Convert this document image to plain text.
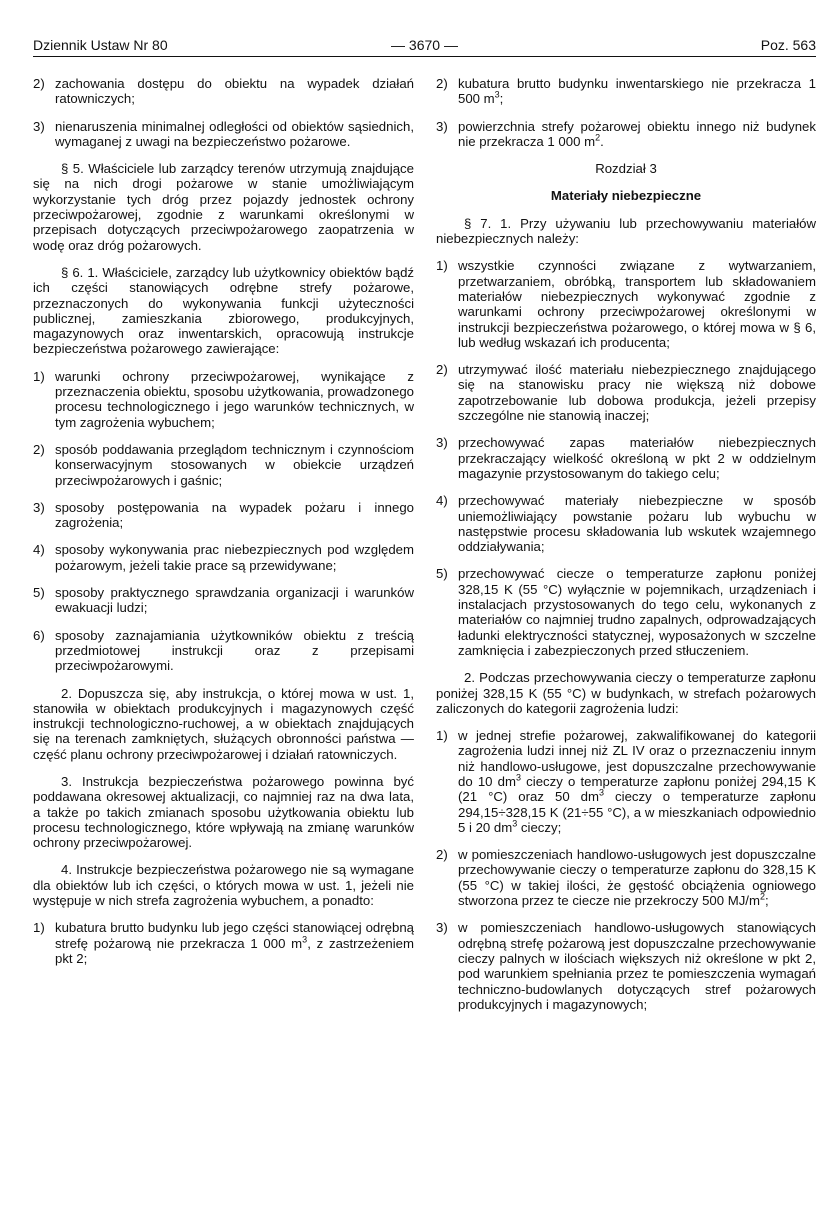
Dziennik Ustaw Nr 80	— 3670 —	Poz. 563
2) zachowania dostępu do obiektu na wypadek działań ratowniczych;
3) nienaruszenia minimalnej odległości od obiektów sąsiednich, wymaganej z uwagi na bezpieczeństwo pożarowe.

§ 5. Właściciele lub zarządcy terenów utrzymują znajdujące się na nich drogi pożarowe w stanie umożliwiającym wykorzystanie tych dróg przez pojazdy jednostek ochrony przeciwpożarowej, zgodnie z warunkami określonymi w przepisach dotyczących przeciwpożarowego zaopatrzenia w wodę oraz dróg pożarowych.

§ 6. 1. Właściciele, zarządcy lub użytkownicy obiektów bądź ich części stanowiących odrębne strefy pożarowe, przeznaczonych do wykonywania funkcji użyteczności publicznej, zamieszkania zbiorowego, produkcyjnych, magazynowych oraz inwentarskich, opracowują instrukcje bezpieczeństwa pożarowego zawierające:

1) warunki ochrony przeciwpożarowej, wynikające z przeznaczenia obiektu, sposobu użytkowania, prowadzonego procesu technologicznego i jego warunków technicznych, w tym zagrożenia wybuchem;
2) sposób poddawania przeglądom technicznym i czynnościom konserwacyjnym stosowanych w obiekcie urządzeń przeciwpożarowych i gaśnic;
3) sposoby postępowania na wypadek pożaru i innego zagrożenia;
4) sposoby wykonywania prac niebezpiecznych pod względem pożarowym, jeżeli takie prace są przewidywane;
5) sposoby praktycznego sprawdzania organizacji i warunków ewakuacji ludzi;
6) sposoby zaznajamiania użytkowników obiektu z treścią przedmiotowej instrukcji oraz z przepisami przeciwpożarowymi.

2. Dopuszcza się, aby instrukcja, o której mowa w ust. 1, stanowiła w obiektach produkcyjnych i magazynowych część instrukcji technologiczno-ruchowej, a w obiektach znajdujących się na terenach zamkniętych, służących obronności państwa — część planu ochrony przeciwpożarowej i działań ratowniczych.

3. Instrukcja bezpieczeństwa pożarowego powinna być poddawana okresowej aktualizacji, co najmniej raz na dwa lata, a także po takich zmianach sposobu użytkowania obiektu lub procesu technologicznego, które wpływają na zmianę warunków ochrony przeciwpożarowej.

4. Instrukcje bezpieczeństwa pożarowego nie są wymagane dla obiektów lub ich części, o których mowa w ust. 1, jeżeli nie występuje w nich strefa zagrożenia wybuchem, a ponadto:

1) kubatura brutto budynku lub jego części stanowiącej odrębną strefę pożarową nie przekracza 1 000 $m^3$, z zastrzeżeniem pkt 2;
2) kubatura brutto budynku inwentarskiego nie przekracza 1 500 $m^3$;
3) powierzchnia strefy pożarowej obiektu innego niż budynek nie przekracza 1 000 $m^2$.
Rozdział 3
Materiały niebezpieczne

§ 7. 1. Przy używaniu lub przechowywaniu materiałów niebezpiecznych należy:

1) wszystkie czynności związane z wytwarzaniem, przetwarzaniem, obróbką, transportem lub składowaniem materiałów niebezpiecznych wykonywać zgodnie z warunkami ochrony przeciwpożarowej określonymi w instrukcji bezpieczeństwa pożarowego, o której mowa w § 6, lub według wskazań ich producenta;
2) utrzymywać ilość materiału niebezpiecznego znajdującego się na stanowisku pracy nie większą niż dobowe zapotrzebowanie lub dobowa produkcja, jeżeli przepisy szczególne nie stanowią inaczej;
3) przechowywać zapas materiałów niebezpiecznych przekraczający wielkość określoną w pkt 2 w oddzielnym magazynie przystosowanym do takiego celu;
4) przechowywać materiały niebezpieczne w sposób uniemożliwiający powstanie pożaru lub wybuchu w następstwie procesu składowania lub wskutek wzajemnego oddziaływania;
5) przechowywać ciecze o temperaturze zapłonu poniżej 328,15 K (55 °C) wyłącznie w pojemnikach, urządzeniach i instalacjach przystosowanych do tego celu, wykonanych z materiałów co najmniej trudno zapalnych, odprowadzających ładunki elektryczności statycznej, wyposażonych w szczelne zamknięcia i zabezpieczonych przed stłuczeniem.

2. Podczas przechowywania cieczy o temperaturze zapłonu poniżej 328,15 K (55 °C) w budynkach, w strefach pożarowych zaliczonych do kategorii zagrożenia ludzi:

1) w jednej strefie pożarowej, zakwalifikowanej do kategorii zagrożenia ludzi innej niż ZL IV oraz o przeznaczeniu innym niż handlowo-usługowe, jest dopuszczalne przechowywanie do 10 $dm^3$ cieczy o temperaturze zapłonu poniżej 294,15 K (21 °C) oraz 50 $dm^3$ cieczy o temperaturze zapłonu 294,15÷328,15 K (21÷55 °C), a w mieszkaniach odpowiednio 5 i 20 $dm^3$ cieczy;
2) w pomieszczeniach handlowo-usługowych jest dopuszczalne przechowywanie cieczy o temperaturze zapłonu do 328,15 K (55 °C) w takiej ilości, że gęstość obciążenia ogniowego stworzona przez te ciecze nie przekroczy 500 $MJ/m^2$;
3) w pomieszczeniach handlowo-usługowych stanowiących odrębną strefę pożarową jest dopuszczalne przechowywanie cieczy palnych w ilościach większych niż określone w pkt 2, pod warunkiem spełniania przez te pomieszczenia wymagań techniczno-budowlanych dotyczących stref pożarowych produkcyjnych i magazynowych;
